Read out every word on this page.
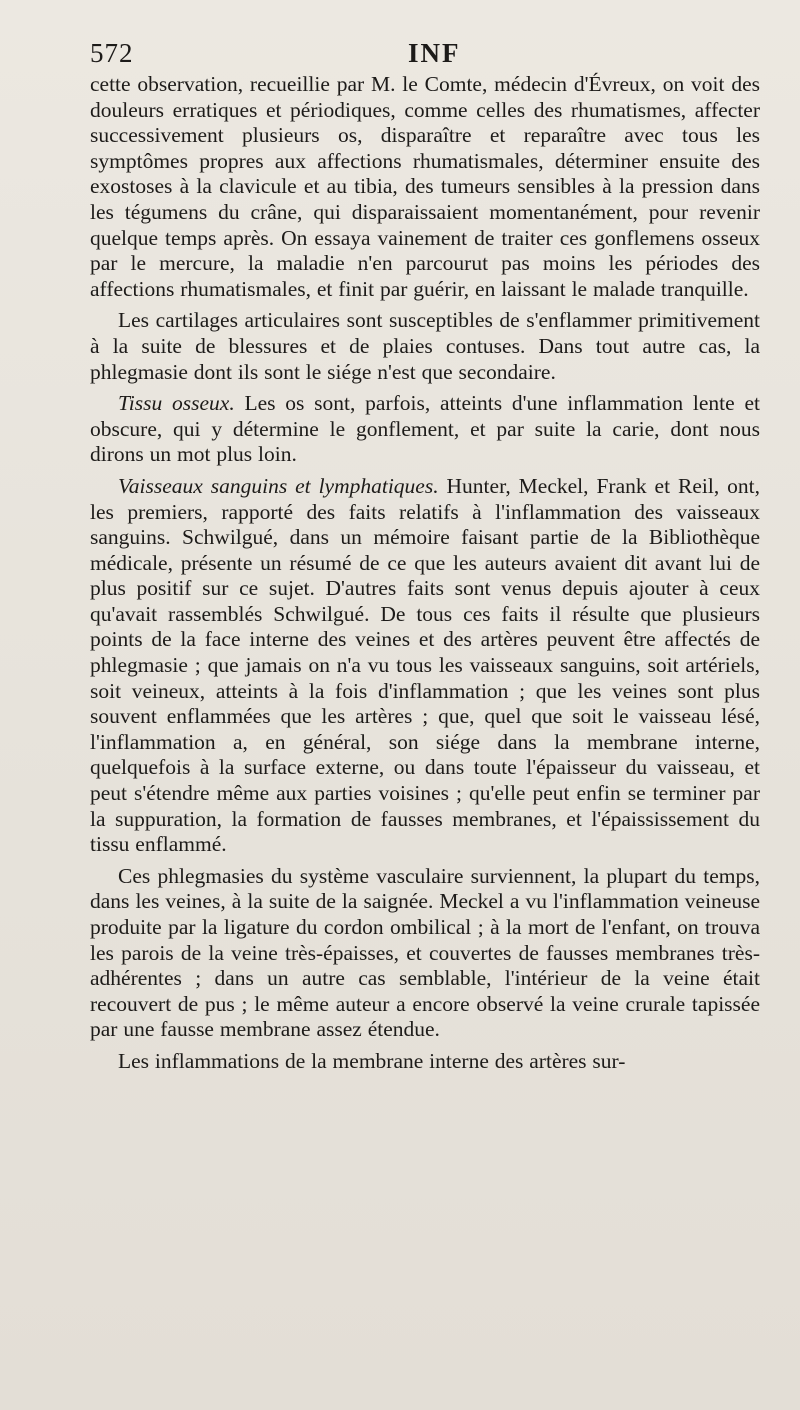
572	INF

cette observation, recueillie par M. le Comte, médecin d'Évreux, on voit des douleurs erratiques et périodiques, comme celles des rhumatismes, affecter successivement plusieurs os, disparaître et reparaître avec tous les symptômes propres aux affections rhumatismales, déterminer ensuite des exostoses à la clavicule et au tibia, des tumeurs sensibles à la pression dans les tégumens du crâne, qui disparaissaient momentanément, pour revenir quelque temps après. On essaya vainement de traiter ces gonflemens osseux par le mercure, la maladie n'en parcourut pas moins les périodes des affections rhumatismales, et finit par guérir, en laissant le malade tranquille.

Les cartilages articulaires sont susceptibles de s'enflammer primitivement à la suite de blessures et de plaies contuses. Dans tout autre cas, la phlegmasie dont ils sont le siége n'est que secondaire.

Tissu osseux. Les os sont, parfois, atteints d'une inflammation lente et obscure, qui y détermine le gonflement, et par suite la carie, dont nous dirons un mot plus loin.

Vaisseaux sanguins et lymphatiques. Hunter, Meckel, Frank et Reil, ont, les premiers, rapporté des faits relatifs à l'inflammation des vaisseaux sanguins. Schwilgué, dans un mémoire faisant partie de la Bibliothèque médicale, présente un résumé de ce que les auteurs avaient dit avant lui de plus positif sur ce sujet. D'autres faits sont venus depuis ajouter à ceux qu'avait rassemblés Schwilgué. De tous ces faits il résulte que plusieurs points de la face interne des veines et des artères peuvent être affectés de phlegmasie ; que jamais on n'a vu tous les vaisseaux sanguins, soit artériels, soit veineux, atteints à la fois d'inflammation ; que les veines sont plus souvent enflammées que les artères ; que, quel que soit le vaisseau lésé, l'inflammation a, en général, son siége dans la membrane interne, quelquefois à la surface externe, ou dans toute l'épaisseur du vaisseau, et peut s'étendre même aux parties voisines ; qu'elle peut enfin se terminer par la suppuration, la formation de fausses membranes, et l'épaississement du tissu enflammé.

Ces phlegmasies du système vasculaire surviennent, la plupart du temps, dans les veines, à la suite de la saignée. Meckel a vu l'inflammation veineuse produite par la ligature du cordon ombilical ; à la mort de l'enfant, on trouva les parois de la veine très-épaisses, et couvertes de fausses membranes très-adhérentes ; dans un autre cas semblable, l'intérieur de la veine était recouvert de pus ; le même auteur a encore observé la veine crurale tapissée par une fausse membrane assez étendue.

Les inflammations de la membrane interne des artères sur-
